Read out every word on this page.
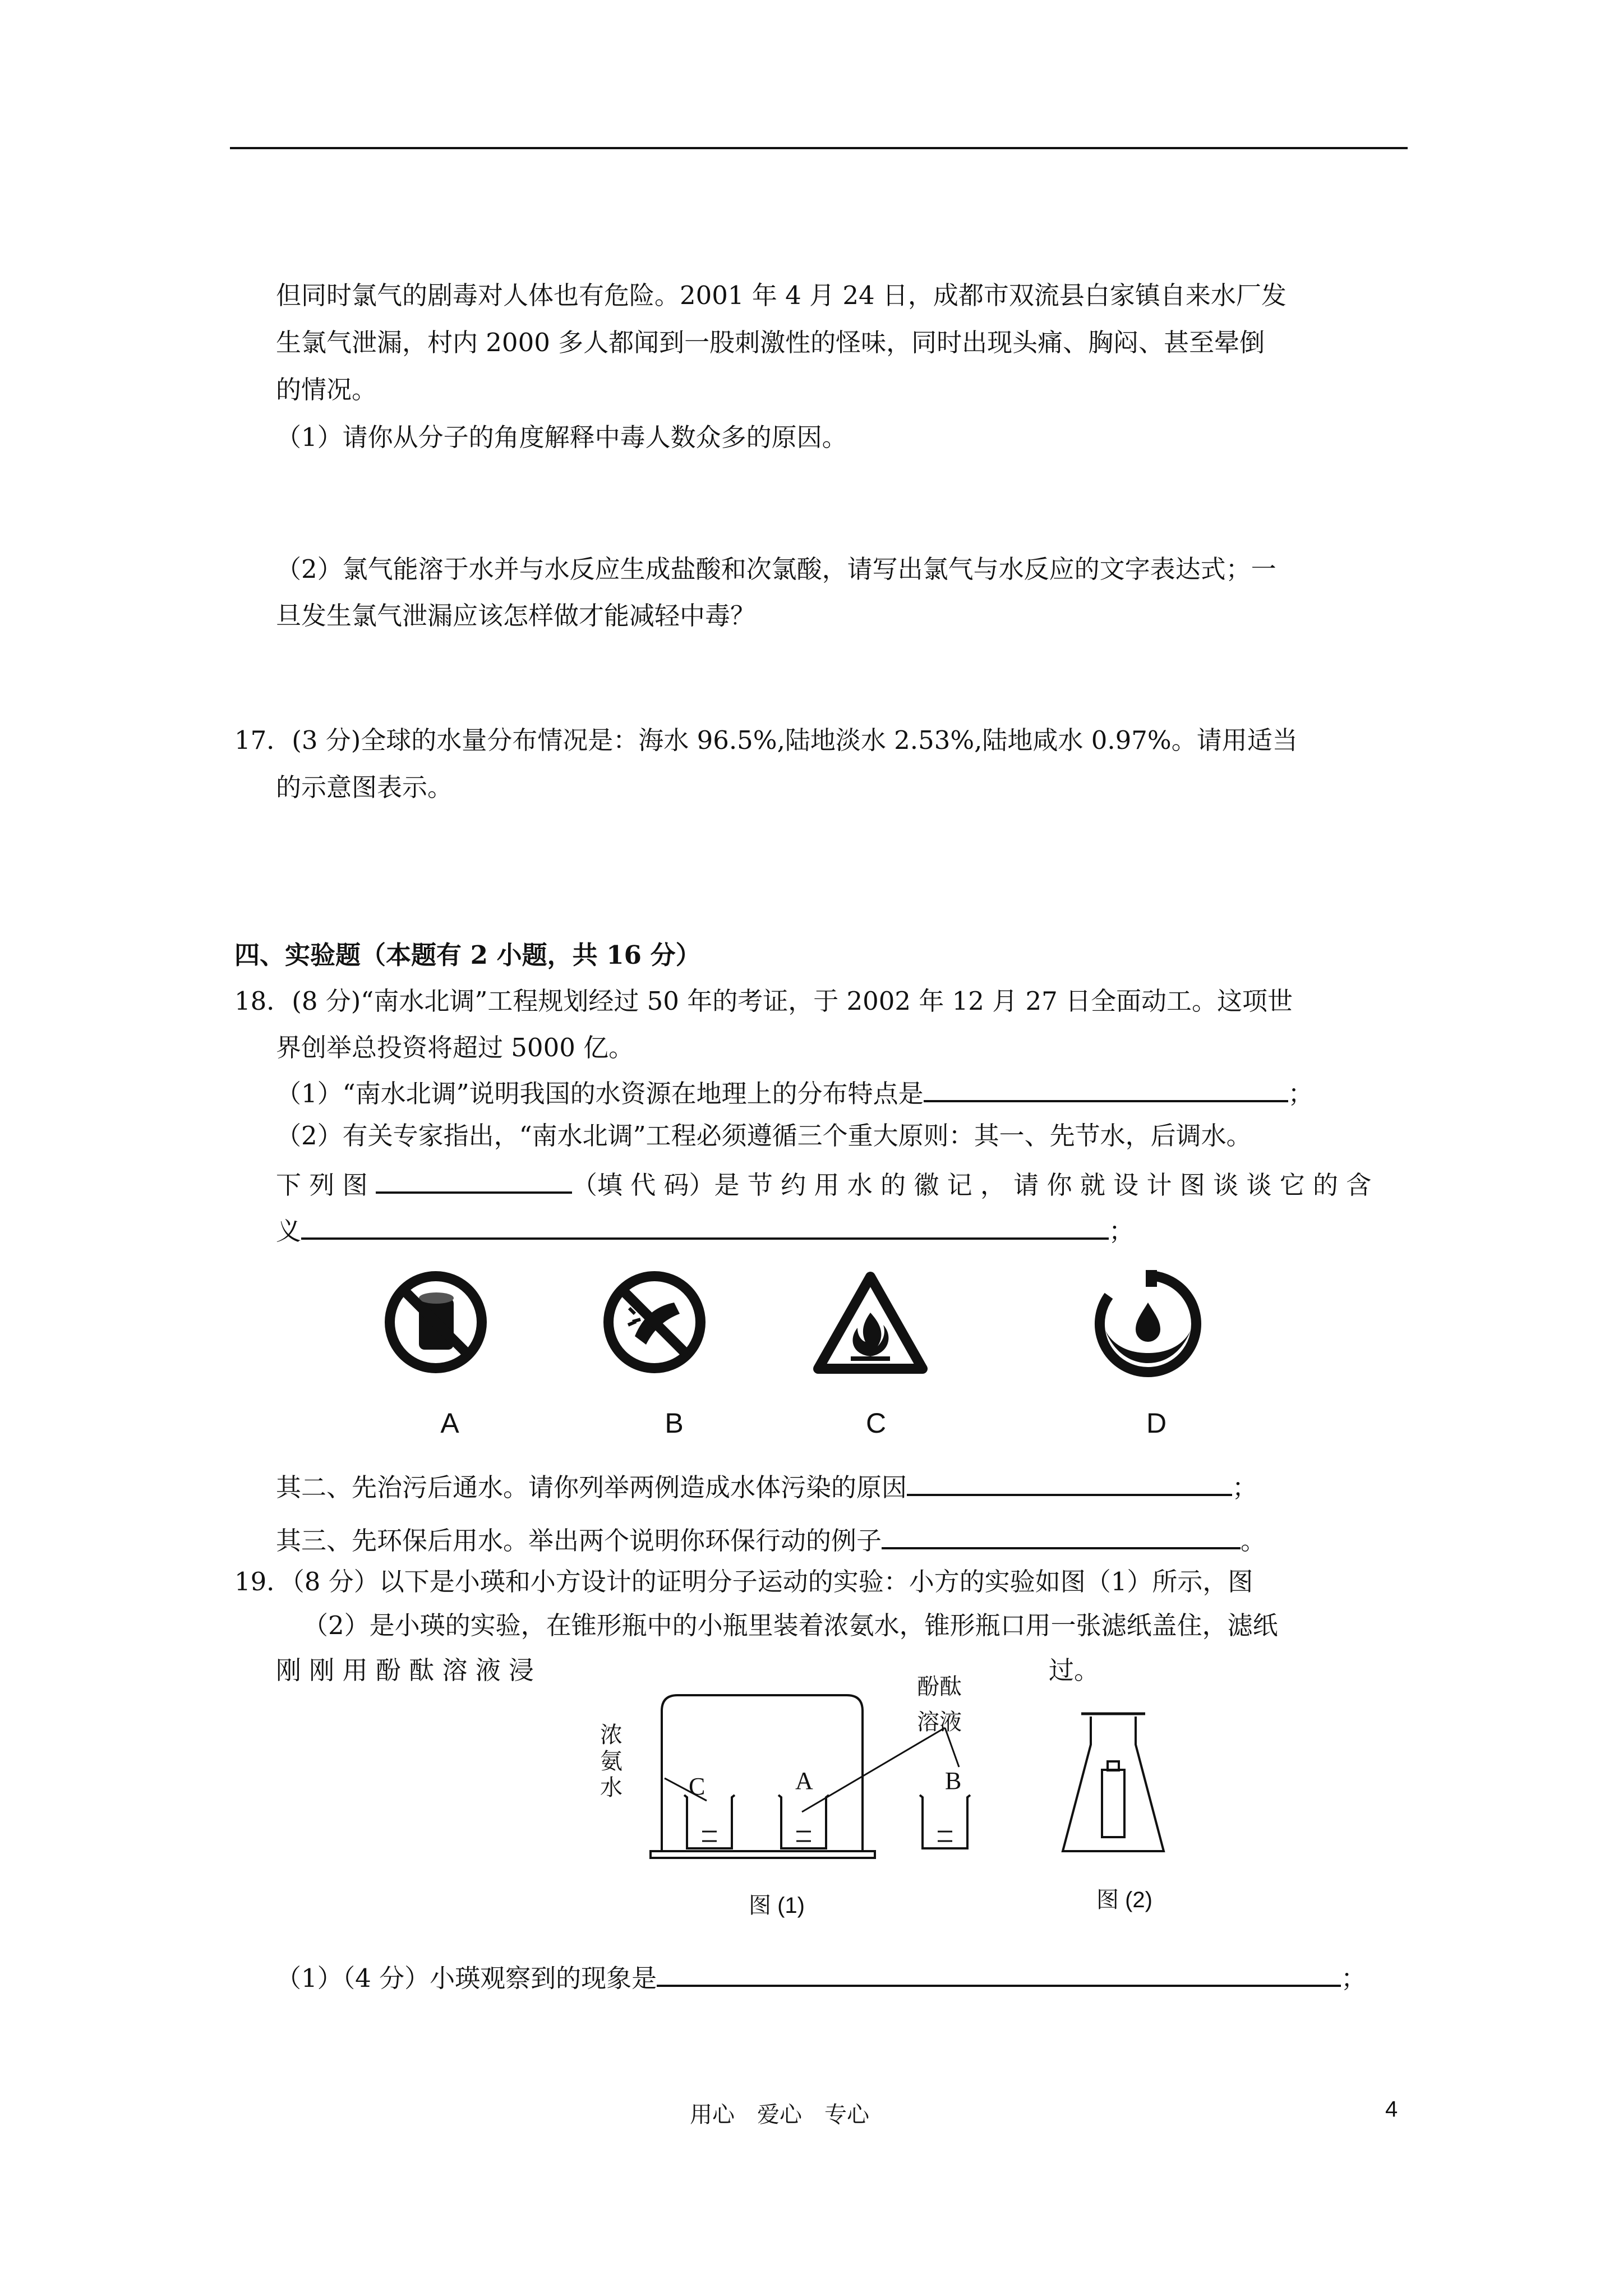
但同时氯气的剧毒对人体也有危险。2001 年 4 月 24 日，成都市双流县白家镇自来水厂发
生氯气泄漏，村内 2000 多人都闻到一股刺激性的怪味，同时出现头痛、胸闷、甚至晕倒
的情况。
（1）请你从分子的角度解释中毒人数众多的原因。
（2）氯气能溶于水并与水反应生成盐酸和次氯酸，请写出氯气与水反应的文字表达式；一
旦发生氯气泄漏应该怎样做才能减轻中毒？
17．(3 分)全球的水量分布情况是：海水 96.5%,陆地淡水 2.53%,陆地咸水 0.97%。请用适当
的示意图表示。
四、实验题（本题有 2 小题，共 16 分）
18．(8 分)“南水北调”工程规划经过 50 年的考证，于 2002 年 12 月 27 日全面动工。这项世
界创举总投资将超过 5000 亿。
（1）“南水北调”说明我国的水资源在地理上的分布特点是	；
（2）有关专家指出，“南水北调”工程必须遵循三个重大原则：其一、先节水，后调水。
下 列 图	（填 代 码）是 节 约 用 水 的 徽 记 ， 请 你 就 设 计 图 谈 谈 它 的 含
义	；
A	B	C	D
其二、先治污后通水。请你列举两例造成水体污染的原因	；
其三、先环保后用水。举出两个说明你环保行动的例子	。
19．（8 分）以下是小瑛和小方设计的证明分子运动的实验：小方的实验如图（1）所示，图
（2）是小瑛的实验，在锥形瓶中的小瓶里装着浓氨水，锥形瓶口用一张滤纸盖住，滤纸
刚 刚 用 酚 酞 溶 液 浸	过。
酚酞
溶液
浓
氨
水	C	A	B
图 (1)	图 (2)
（1）（4 分）小瑛观察到的现象是	；
用心　爱心　专心	4
